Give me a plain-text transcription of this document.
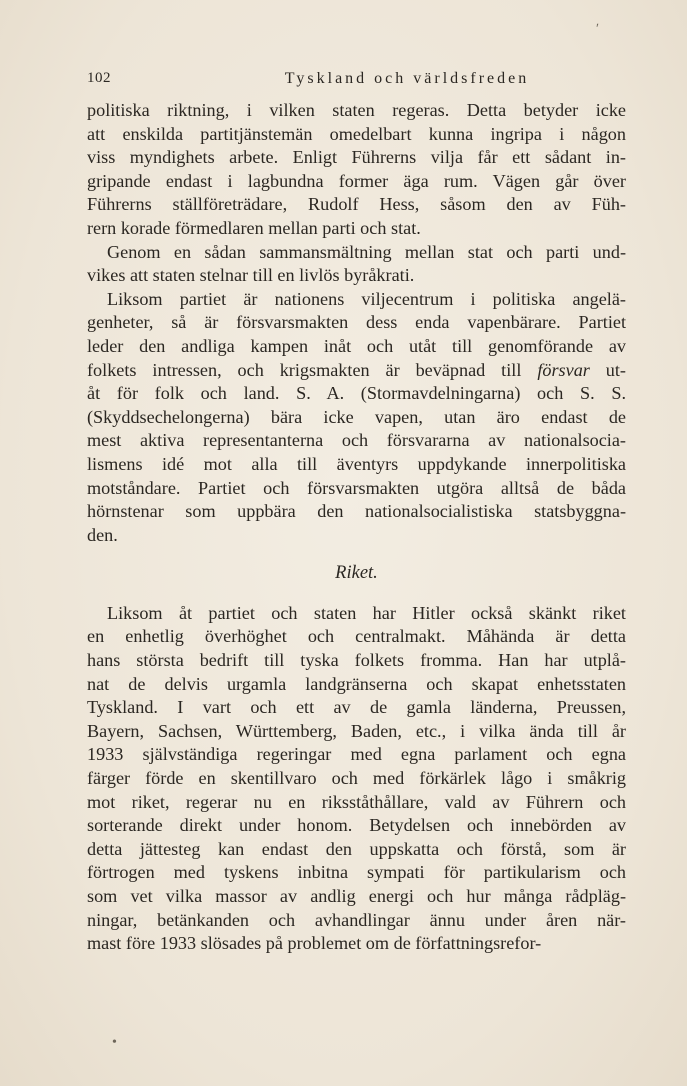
102	Tyskland och världsfreden
politiska riktning, i vilken staten regeras. Detta betyder icke
att enskilda partitjänstemän omedelbart kunna ingripa i någon
viss myndighets arbete. Enligt Führerns vilja får ett sådant in-
gripande endast i lagbundna former äga rum. Vägen går över
Führerns ställföreträdare, Rudolf Hess, såsom den av Füh-
rern korade förmedlaren mellan parti och stat.
Genom en sådan sammansmältning mellan stat och parti und-
vikes att staten stelnar till en livlös byråkrati.
Liksom partiet är nationens viljecentrum i politiska angelä-
genheter, så är försvarsmakten dess enda vapenbärare. Partiet
leder den andliga kampen inåt och utåt till genomförande av
folkets intressen, och krigsmakten är beväpnad till försvar ut-
åt för folk och land. S. A. (Stormavdelningarna) och S. S.
(Skyddsechelongerna) bära icke vapen, utan äro endast de
mest aktiva representanterna och försvararna av nationalsocia-
lismens idé mot alla till äventyrs uppdykande innerpolitiska
motståndare. Partiet och försvarsmakten utgöra alltså de båda
hörnstenar som uppbära den nationalsocialistiska statsbyggna-
den.
Riket.
Liksom åt partiet och staten har Hitler också skänkt riket
en enhetlig överhöghet och centralmakt. Måhända är detta
hans största bedrift till tyska folkets fromma. Han har utplå-
nat de delvis urgamla landgränserna och skapat enhetsstaten
Tyskland. I vart och ett av de gamla länderna, Preussen,
Bayern, Sachsen, Württemberg, Baden, etc., i vilka ända till år
1933 självständiga regeringar med egna parlament och egna
färger förde en skentillvaro och med förkärlek lågo i småkrig
mot riket, regerar nu en riksståthållare, vald av Führern och
sorterande direkt under honom. Betydelsen och innebörden av
detta jättesteg kan endast den uppskatta och förstå, som är
förtrogen med tyskens inbitna sympati för partikularism och
som vet vilka massor av andlig energi och hur många rådpläg-
ningar, betänkanden och avhandlingar ännu under åren när-
mast före 1933 slösades på problemet om de författningsrefor-
ʹ
•
